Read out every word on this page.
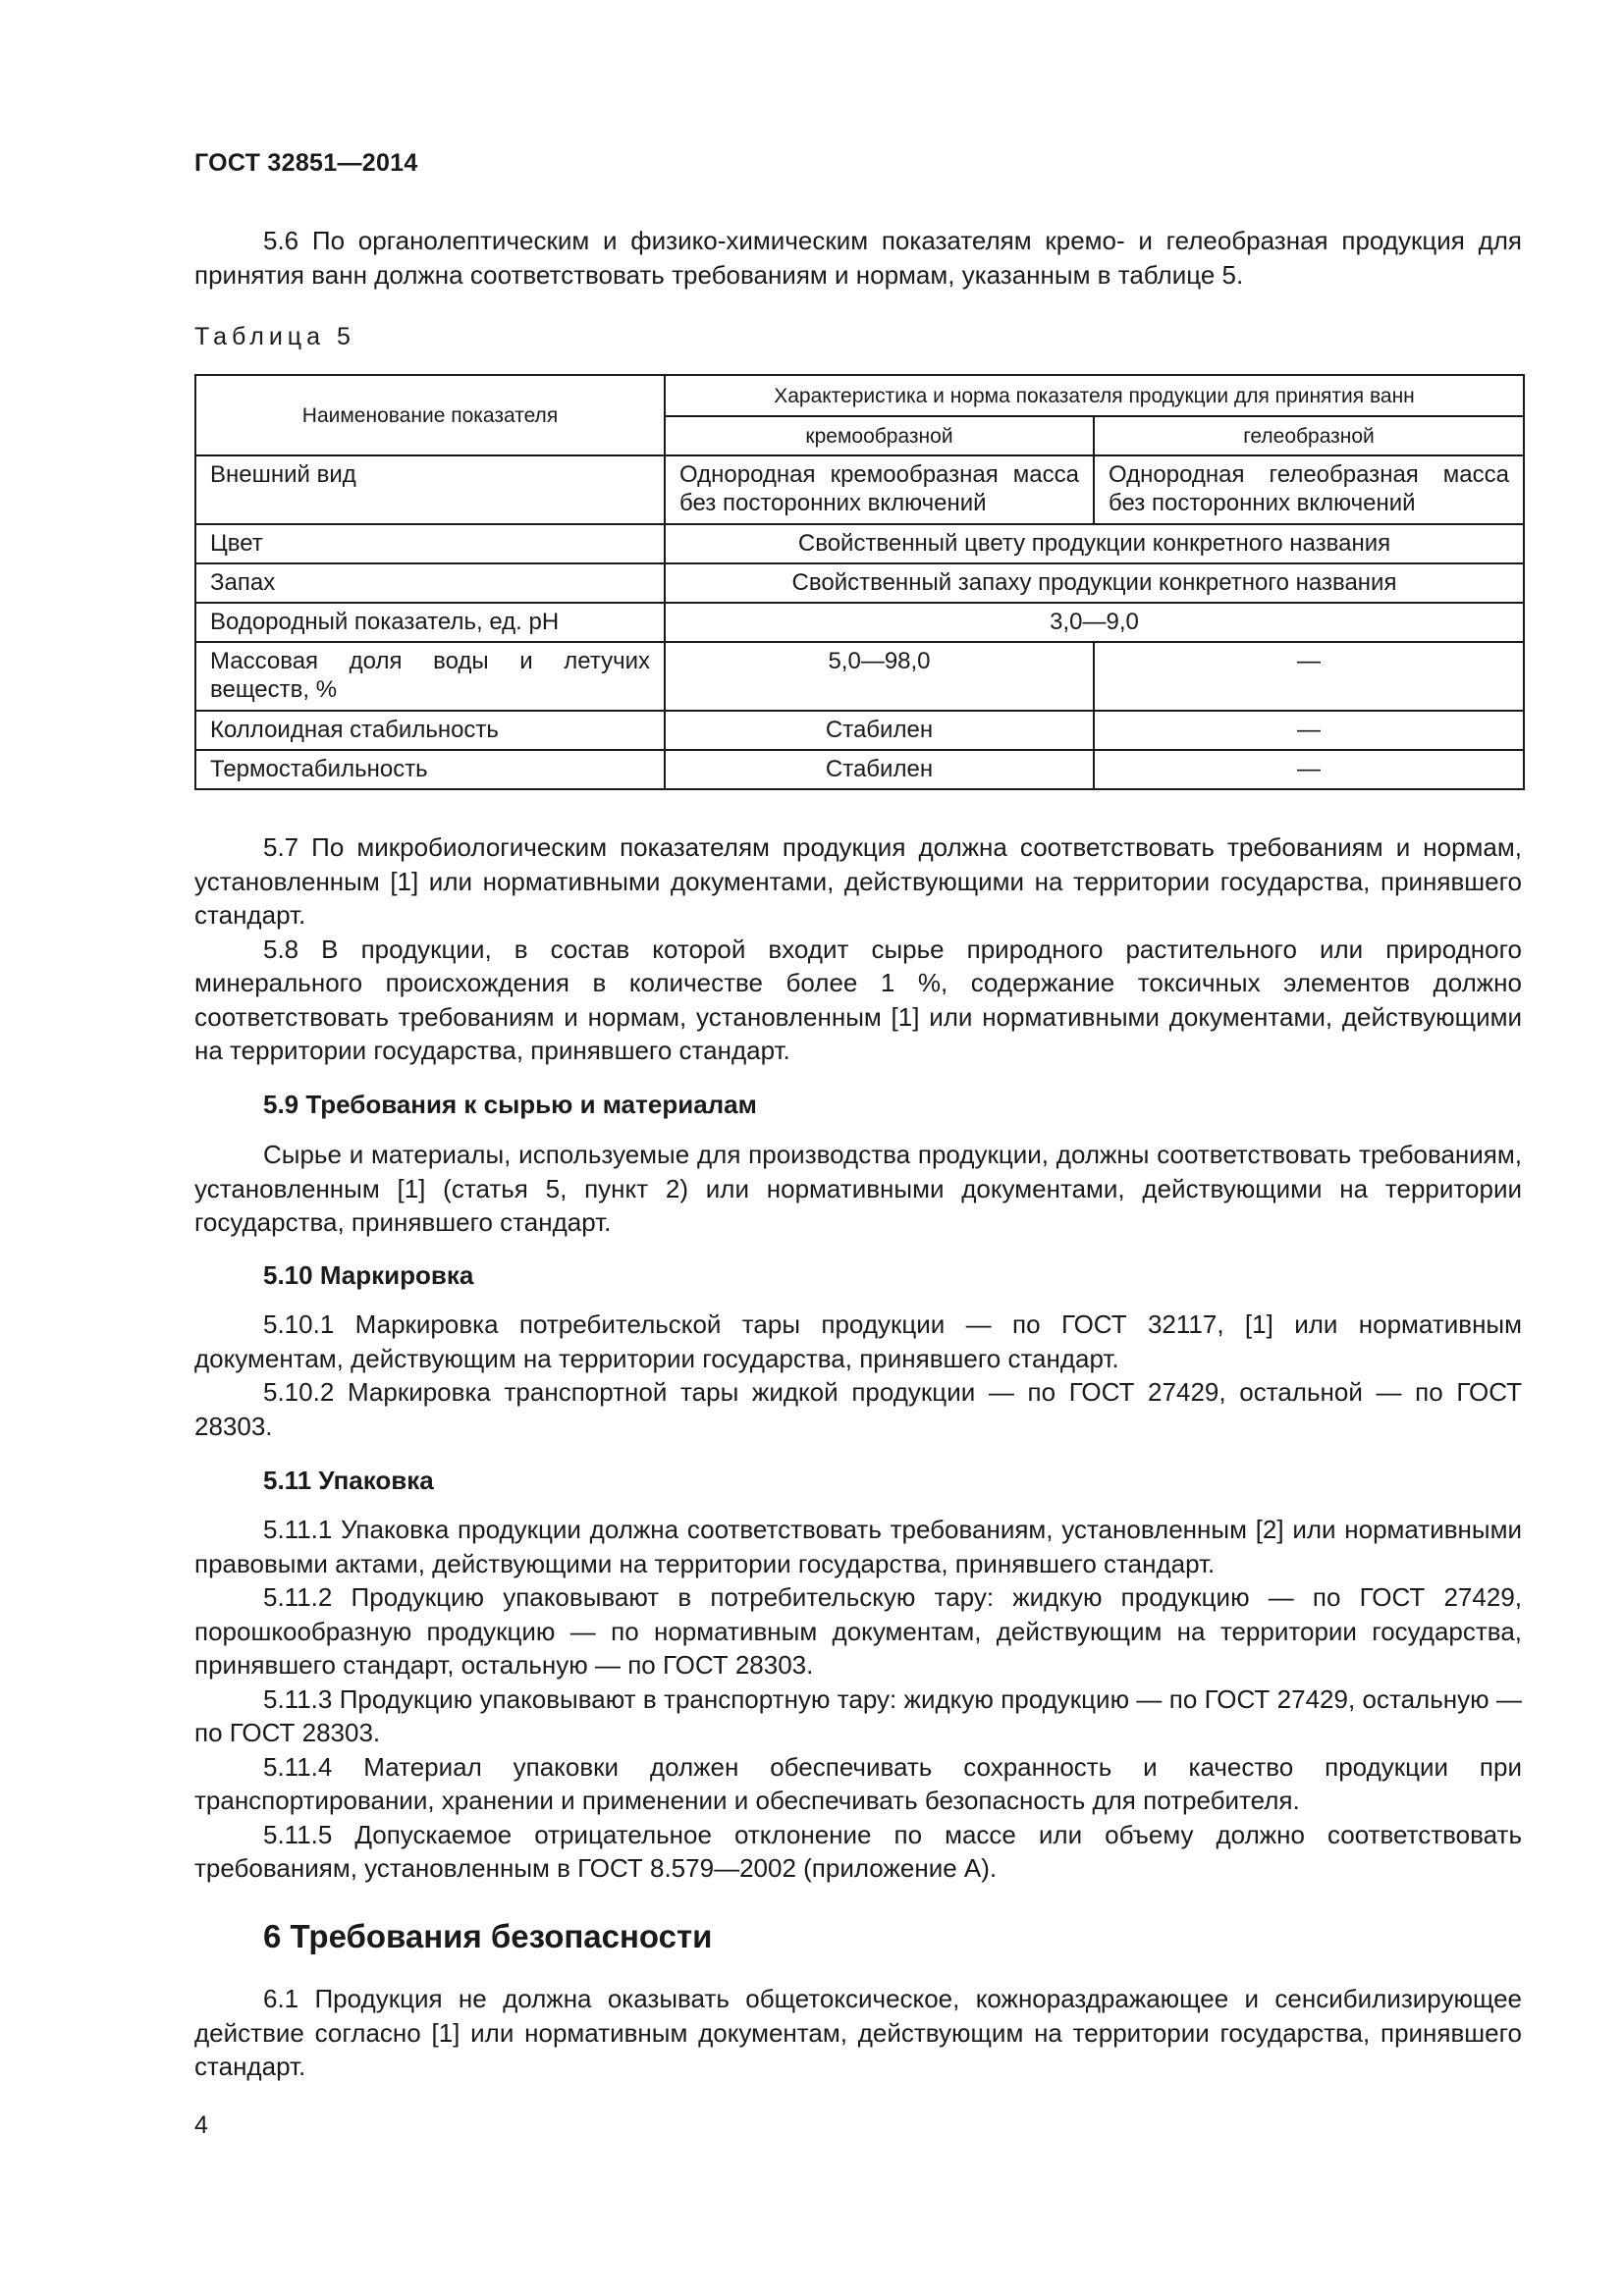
ГОСТ 32851—2014

5.6 По органолептическим и физико-химическим показателям кремо- и гелеобразная продукция для принятия ванн должна соответствовать требованиям и нормам, указанным в таблице 5.

Таблица 5
Наименование показателя	Характеристика и норма показателя продукции для принятия ванн	
	кремообразной	гелеобразной
Внешний вид	Однородная кремообразная масса без посторонних включений	Однородная гелеобразная масса без посторонних включений
Цвет	Свойственный цвету продукции конкретного названия	
Запах	Свойственный запаху продукции конкретного названия	
Водородный показатель, ед. pH	3,0—9,0	
Массовая доля воды и летучих веществ, %	5,0—98,0	—
Коллоидная стабильность	Стабилен	—
Термостабильность	Стабилен	—

5.7 По микробиологическим показателям продукция должна соответствовать требованиям и нормам, установленным [1] или нормативными документами, действующими на территории государства, принявшего стандарт.

5.8 В продукции, в состав которой входит сырье природного растительного или природного минерального происхождения в количестве более 1 %, содержание токсичных элементов должно соответствовать требованиям и нормам, установленным [1] или нормативными документами, действующими на территории государства, принявшего стандарт.

5.9 Требования к сырью и материалам

Сырье и материалы, используемые для производства продукции, должны соответствовать требованиям, установленным [1] (статья 5, пункт 2) или нормативными документами, действующими на территории государства, принявшего стандарт.

5.10 Маркировка

5.10.1 Маркировка потребительской тары продукции — по ГОСТ 32117, [1] или нормативным документам, действующим на территории государства, принявшего стандарт.

5.10.2 Маркировка транспортной тары жидкой продукции — по ГОСТ 27429, остальной — по ГОСТ 28303.

5.11 Упаковка

5.11.1 Упаковка продукции должна соответствовать требованиям, установленным [2] или нормативными правовыми актами, действующими на территории государства, принявшего стандарт.

5.11.2 Продукцию упаковывают в потребительскую тару: жидкую продукцию — по ГОСТ 27429, порошкообразную продукцию — по нормативным документам, действующим на территории государства, принявшего стандарт, остальную — по ГОСТ 28303.

5.11.3 Продукцию упаковывают в транспортную тару: жидкую продукцию — по ГОСТ 27429, остальную — по ГОСТ 28303.

5.11.4 Материал упаковки должен обеспечивать сохранность и качество продукции при транспортировании, хранении и применении и обеспечивать безопасность для потребителя.

5.11.5 Допускаемое отрицательное отклонение по массе или объему должно соответствовать требованиям, установленным в ГОСТ 8.579—2002 (приложение А).

6 Требования безопасности

6.1 Продукция не должна оказывать общетоксическое, кожнораздражающее и сенсибилизирующее действие согласно [1] или нормативным документам, действующим на территории государства, принявшего стандарт.

4
